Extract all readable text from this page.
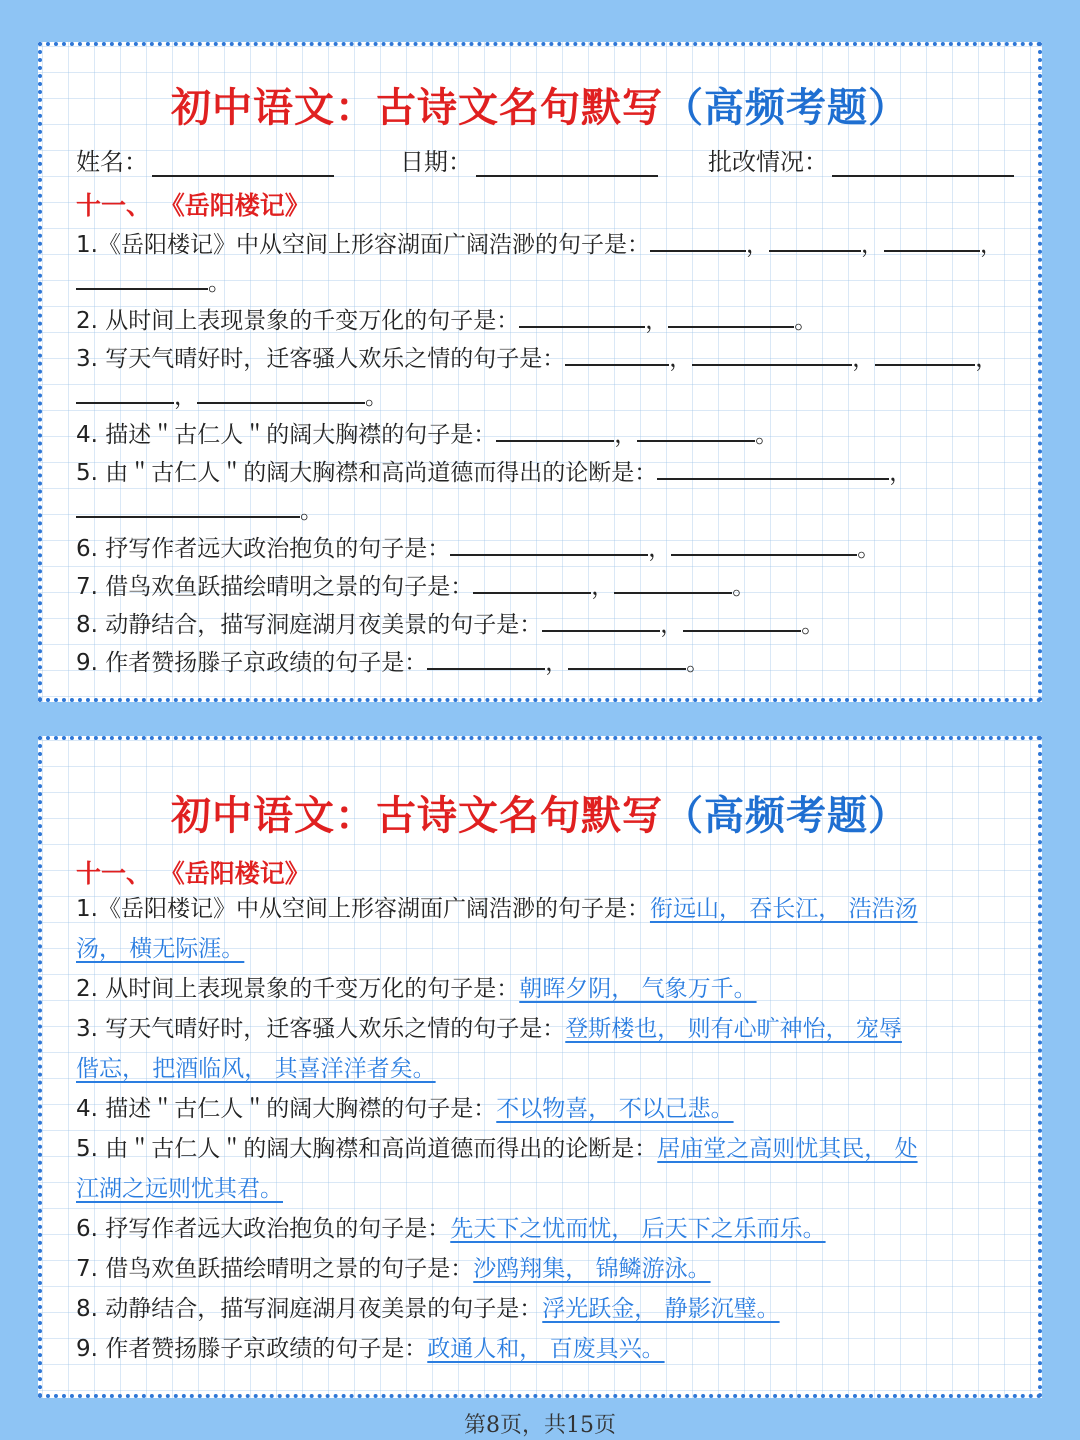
初中语文：古诗文名句默写（高频考题）
姓名：	日期：	批改情况：
十一、 《岳阳楼记》
1.《岳阳楼记》中从空间上形容湖面广阔浩渺的句子是：	，	，	，
。
2. 从时间上表现景象的千变万化的句子是：	，	。
3. 写天气晴好时，迁客骚人欢乐之情的句子是：	，	，	，
，	。
4. 描述＂古仁人＂的阔大胸襟的句子是：	，	。
5. 由＂古仁人＂的阔大胸襟和高尚道德而得出的论断是：	，
。
6. 抒写作者远大政治抱负的句子是：	，	。
7. 借鸟欢鱼跃描绘晴明之景的句子是：	，	。
8. 动静结合，描写洞庭湖月夜美景的句子是：	，	。
9. 作者赞扬滕子京政绩的句子是：	，	。
初中语文：古诗文名句默写（高频考题）
十一、 《岳阳楼记》
1.《岳阳楼记》中从空间上形容湖面广阔浩渺的句子是：衔远山， 吞长江， 浩浩汤
汤， 横无际涯。
2. 从时间上表现景象的千变万化的句子是：朝晖夕阴， 气象万千。
3. 写天气晴好时，迁客骚人欢乐之情的句子是：登斯楼也， 则有心旷神怡， 宠辱
偕忘， 把酒临风， 其喜洋洋者矣。
4. 描述＂古仁人＂的阔大胸襟的句子是：不以物喜， 不以己悲。
5. 由＂古仁人＂的阔大胸襟和高尚道德而得出的论断是：居庙堂之高则忧其民， 处
江湖之远则忧其君。
6. 抒写作者远大政治抱负的句子是：先天下之忧而忧， 后天下之乐而乐。
7. 借鸟欢鱼跃描绘晴明之景的句子是：沙鸥翔集， 锦鳞游泳。
8. 动静结合，描写洞庭湖月夜美景的句子是：浮光跃金， 静影沉璧。
9. 作者赞扬滕子京政绩的句子是：政通人和， 百废具兴。
第8页，共15页
